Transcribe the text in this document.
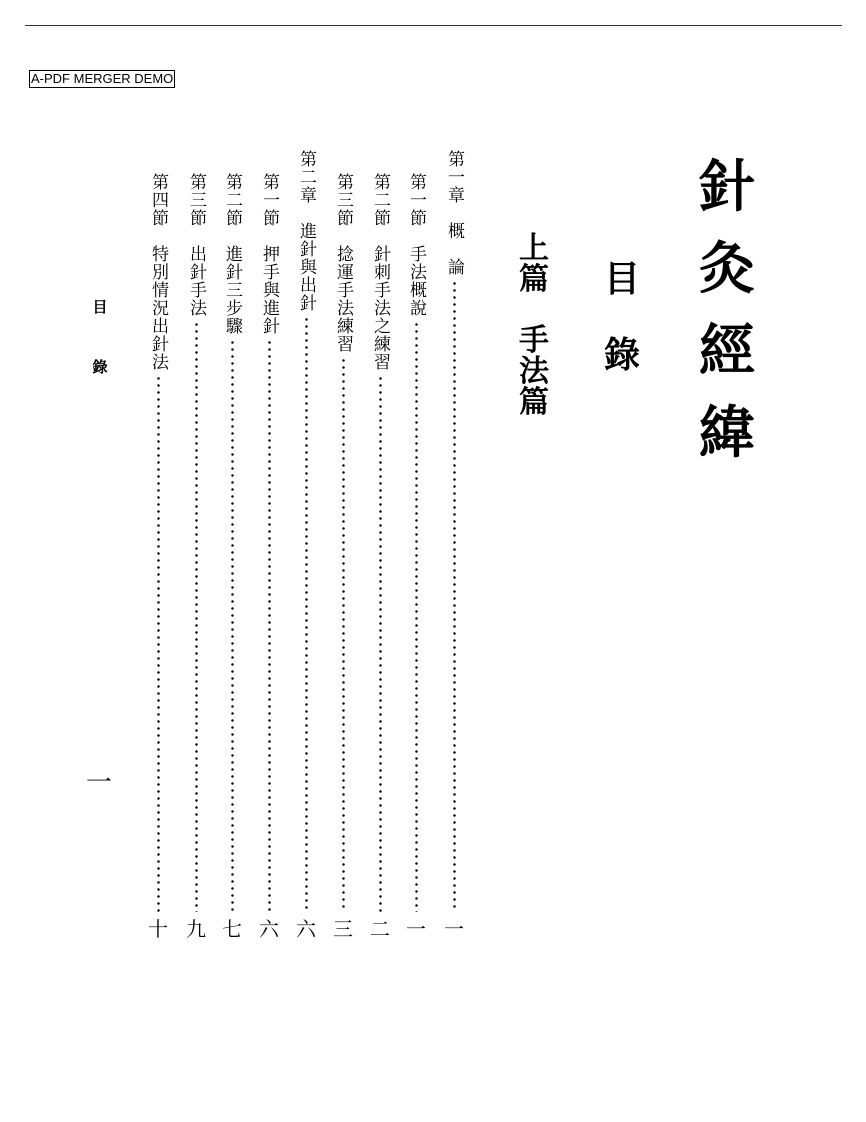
A-PDF MERGER DEMO
針
灸
經
緯
目
錄
上
篇
手
法
篇
第一章　概　論
一
第一節　手法概說
一
第二節　針刺手法之練習
二
第三節　捻運手法練習
三
第二章　進針與出針
六
第一節　押手與進針
六
第二節　進針三步驟
七
第三節　出針手法
九
第四節　特別情況出針法
十
目
錄
一
